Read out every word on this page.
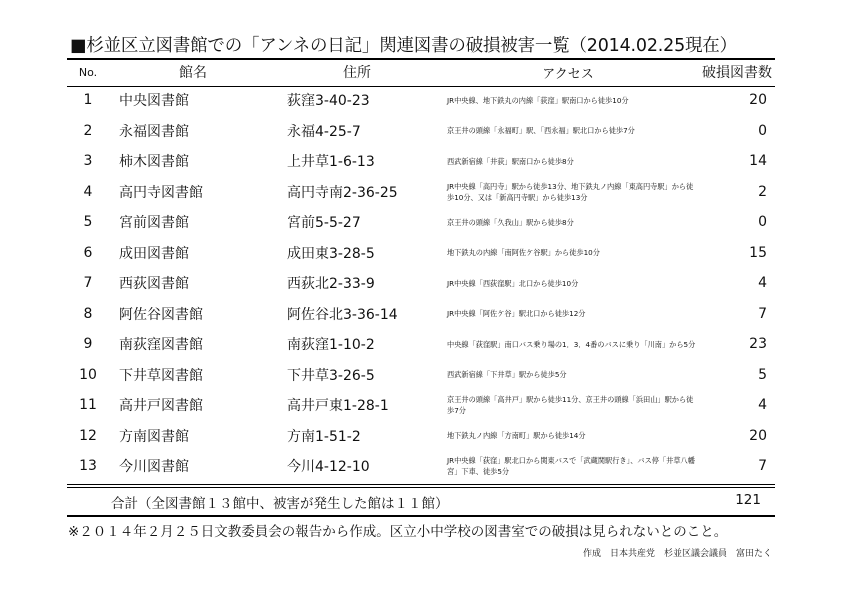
■杉並区立図書館での「アンネの日記」関連図書の破損被害一覧（2014.02.25現在）
No.	館名	住所	アクセス	破損図書数
1	中央図書館	荻窪3-40-23	JR中央線、地下鉄丸の内線「荻窪」駅南口から徒歩10分	20
2	永福図書館	永福4-25-7	京王井の頭線「永福町」駅、「西永福」駅北口から徒歩7分	0
3	柿木図書館	上井草1-6-13	西武新宿線「井荻」駅南口から徒歩8分	14
4	高円寺図書館	高円寺南2-36-25	JR中央線「高円寺」駅から徒歩13分、地下鉄丸ノ内線「東高円寺駅」から徒歩10分、又は「新高円寺駅」から徒歩13分	2
5	宮前図書館	宮前5-5-27	京王井の頭線「久我山」駅から徒歩8分	0
6	成田図書館	成田東3-28-5	地下鉄丸の内線「南阿佐ケ谷駅」から徒歩10分	15
7	西荻図書館	西荻北2-33-9	JR中央線「西荻窪駅」北口から徒歩10分	4
8	阿佐谷図書館	阿佐谷北3-36-14	JR中央線「阿佐ケ谷」駅北口から徒歩12分	7
9	南荻窪図書館	南荻窪1-10-2	中央線「荻窪駅」南口バス乗り場の1．3．4番のバスに乗り「川南」から5分	23
10	下井草図書館	下井草3-26-5	西武新宿線「下井草」駅から徒歩5分	5
11	高井戸図書館	高井戸東1-28-1	京王井の頭線「高井戸」駅から徒歩11分、京王井の頭線「浜田山」駅から徒歩7分	4
12	方南図書館	方南1-51-2	地下鉄丸ノ内線「方南町」駅から徒歩14分	20
13	今川図書館	今川4-12-10	JR中央線「荻窪」駅北口から関東バスで「武蔵関駅行き」、バス停「井草八幡宮」下車、徒歩5分	7
合計（全図書館１３館中、被害が発生した館は１１館）	121
※２０１４年２月２５日文教委員会の報告から作成。区立小中学校の図書室での破損は見られないとのこと。
作成　日本共産党　杉並区議会議員　富田たく
